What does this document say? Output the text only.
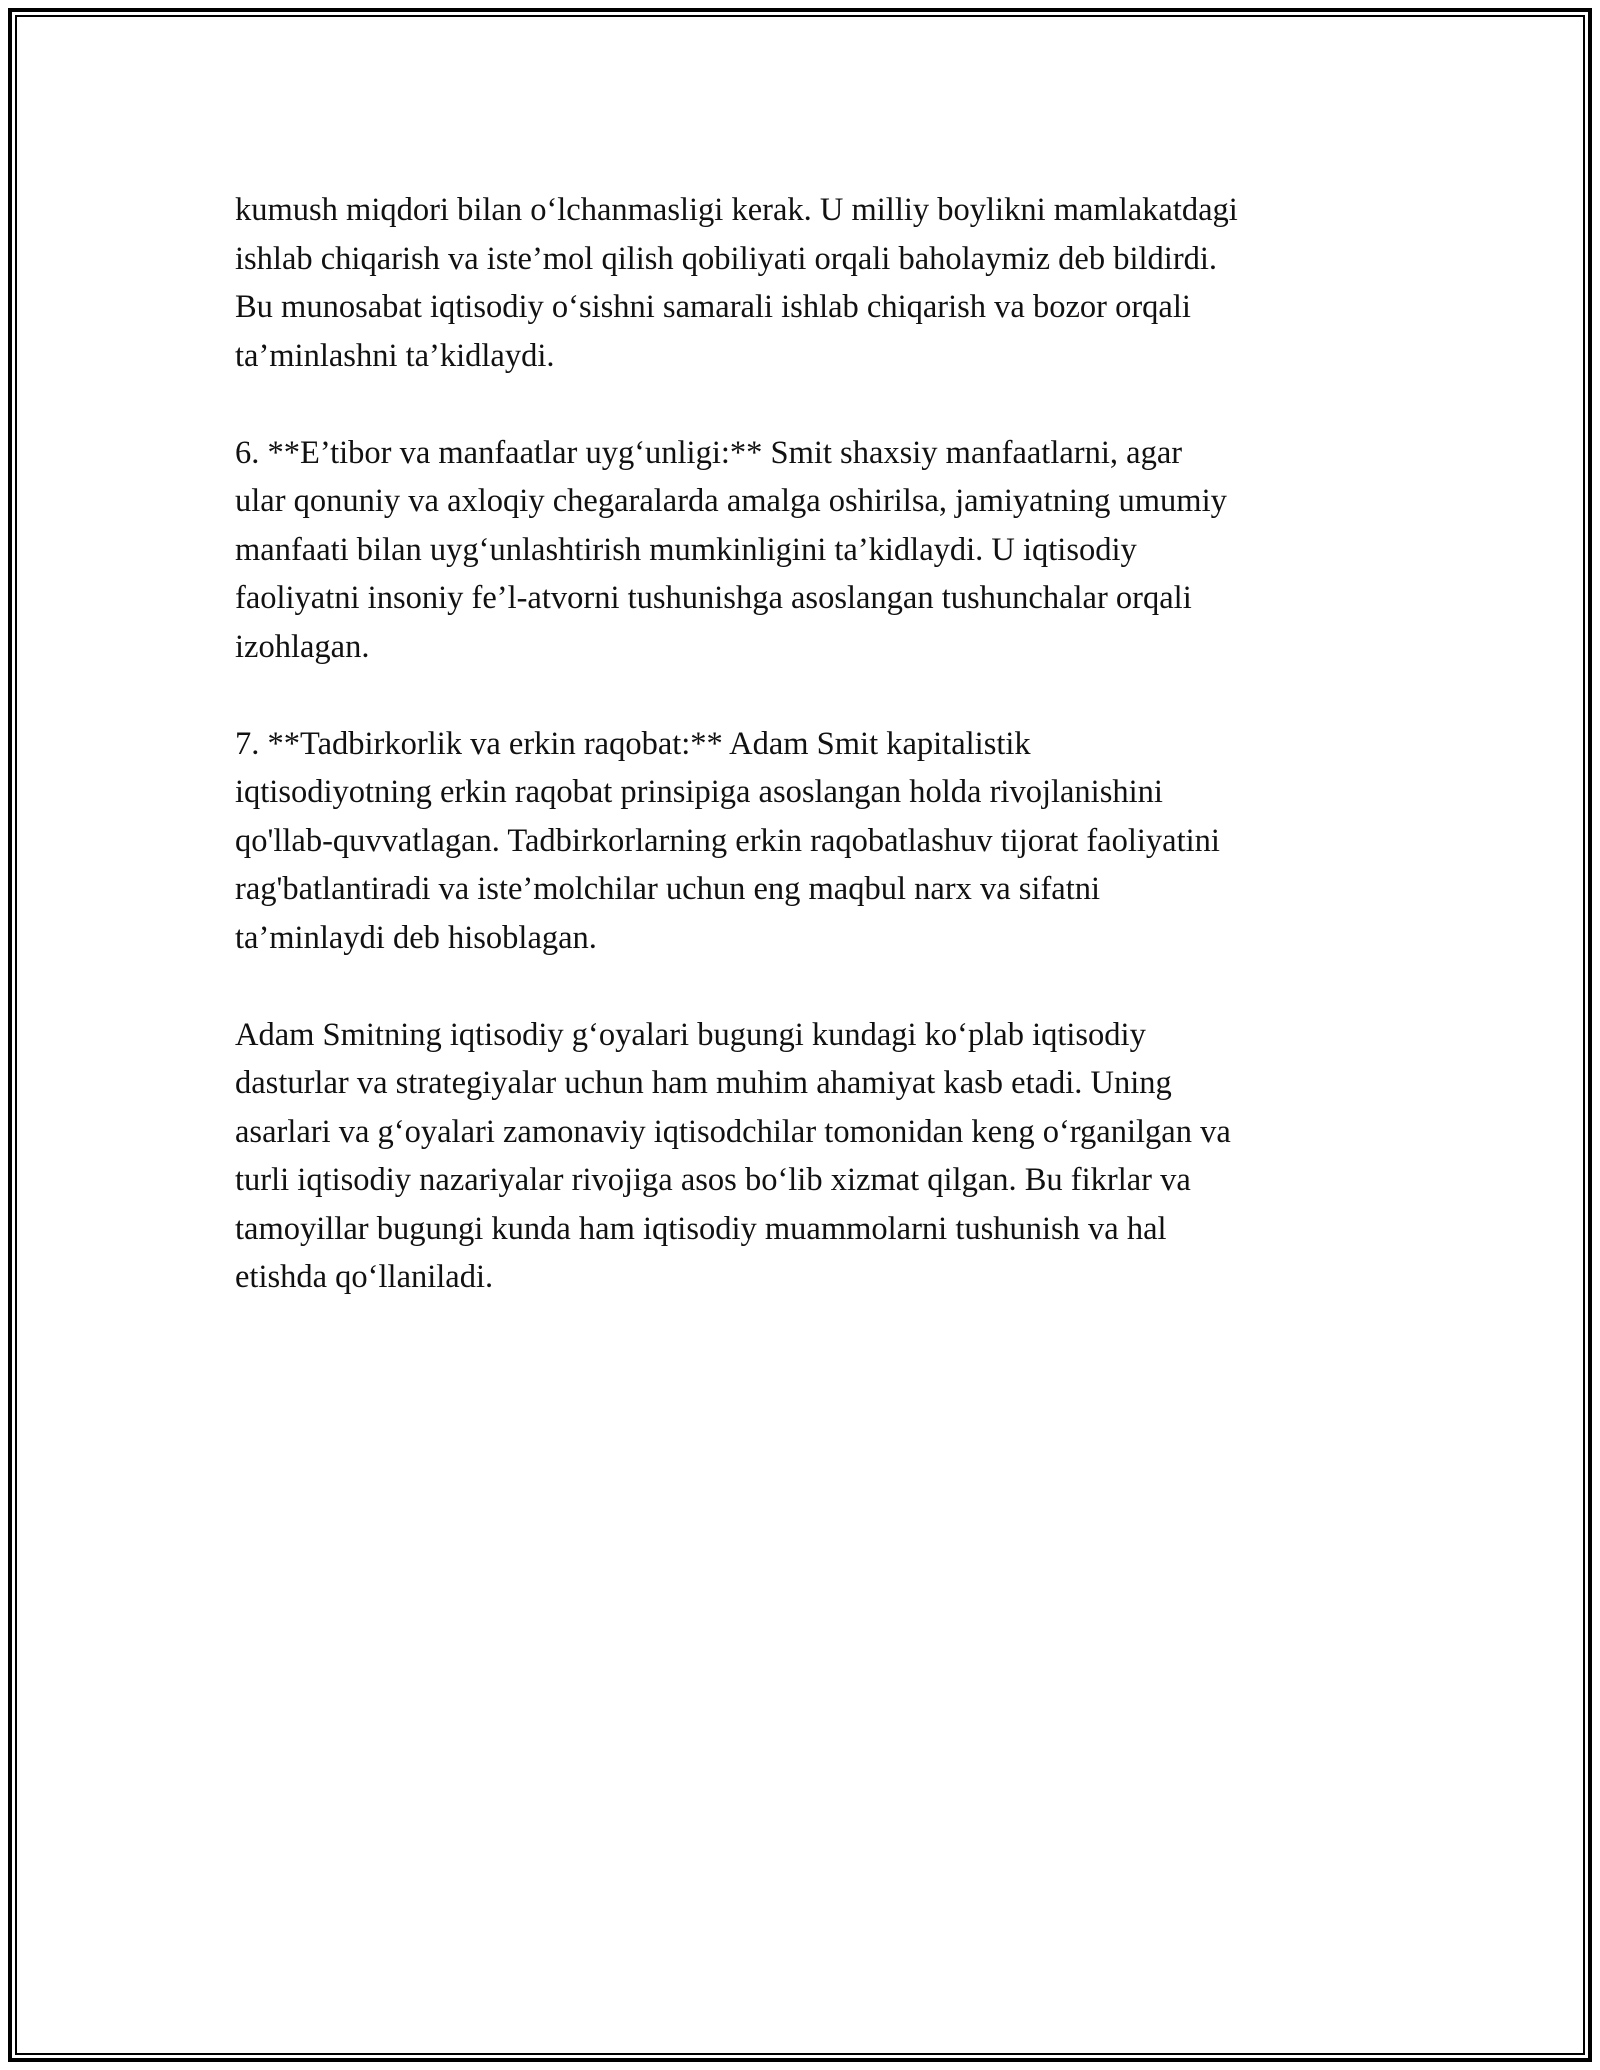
kumush miqdori bilan o‘lchanmasligi kerak. U milliy boylikni mamlakatdagi
ishlab chiqarish va iste’mol qilish qobiliyati orqali baholaymiz deb bildirdi.
Bu munosabat iqtisodiy o‘sishni samarali ishlab chiqarish va bozor orqali
ta’minlashni ta’kidlaydi.

6. **E’tibor va manfaatlar uyg‘unligi:** Smit shaxsiy manfaatlarni, agar
ular qonuniy va axloqiy chegaralarda amalga oshirilsa, jamiyatning umumiy
manfaati bilan uyg‘unlashtirish mumkinligini ta’kidlaydi. U iqtisodiy
faoliyatni insoniy fe’l-atvorni tushunishga asoslangan tushunchalar orqali
izohlagan.

7. **Tadbirkorlik va erkin raqobat:** Adam Smit kapitalistik
iqtisodiyotning erkin raqobat prinsipiga asoslangan holda rivojlanishini
qo'llab-quvvatlagan. Tadbirkorlarning erkin raqobatlashuv tijorat faoliyatini
rag'batlantiradi va iste’molchilar uchun eng maqbul narx va sifatni
ta’minlaydi deb hisoblagan.

Adam Smitning iqtisodiy g‘oyalari bugungi kundagi ko‘plab iqtisodiy
dasturlar va strategiyalar uchun ham muhim ahamiyat kasb etadi. Uning
asarlari va g‘oyalari zamonaviy iqtisodchilar tomonidan keng o‘rganilgan va
turli iqtisodiy nazariyalar rivojiga asos bo‘lib xizmat qilgan. Bu fikrlar va
tamoyillar bugungi kunda ham iqtisodiy muammolarni tushunish va hal
etishda qo‘llaniladi.
